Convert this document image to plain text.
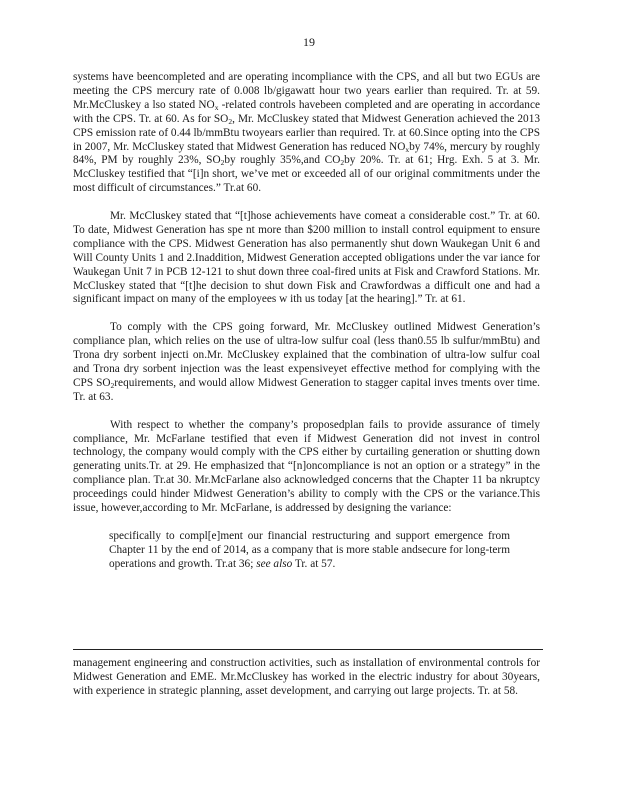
19

systems have beencompleted and are operating incompliance with the CPS, and all but two EGUs are meeting the CPS mercury rate of 0.008 lb/gigawatt hour two years earlier than required. Tr. at 59. Mr.McCluskey a lso stated $NO_x$ -related controls havebeen completed and are operating in accordance with the CPS. Tr. at 60. As for $SO_2$, Mr. McCluskey stated that Midwest Generation achieved the 2013 CPS emission rate of 0.44 lb/mmBtu twoyears earlier than required. Tr. at 60.Since opting into the CPS in 2007, Mr. McCluskey stated that Midwest Generation has reduced $NO_xby$ 74%, mercury by roughly 84%, PM by roughly 23%, $SO_2by$ roughly 35%,and $CO_2by$ 20%. Tr. at 61; Hrg. Exh. 5 at 3. Mr. McCluskey testified that “[i]n short, we’ve met or exceeded all of our original commitments under the most difficult of circumstances.” Tr.at 60.

Mr. McCluskey stated that “[t]hose achievements have comeat a considerable cost.” Tr. at 60. To date, Midwest Generation has spe nt more than $200 million to install control equipment to ensure compliance with the CPS. Midwest Generation has also permanently shut down Waukegan Unit 6 and Will County Units 1 and 2.Inaddition, Midwest Generation accepted obligations under the var iance for Waukegan Unit 7 in PCB 12-121 to shut down three coal-fired units at Fisk and Crawford Stations. Mr. McCluskey stated that “[t]he decision to shut down Fisk and Crawfordwas a difficult one and had a significant impact on many of the employees w ith us today [at the hearing].” Tr. at 61.

To comply with the CPS going forward, Mr. McCluskey outlined Midwest Generation’s compliance plan, which relies on the use of ultra-low sulfur coal (less than0.55 lb sulfur/mmBtu) and Trona dry sorbent injecti on.Mr. McCluskey explained that the combination of ultra-low sulfur coal and Trona dry sorbent injection was the least expensiveyet effective method for complying with the CPS $SO_2requirements$, and would allow Midwest Generation to stagger capital inves tments over time. Tr. at 63.

With respect to whether the company’s proposedplan fails to provide assurance of timely compliance, Mr. McFarlane testified that even if Midwest Generation did not invest in control technology, the company would comply with the CPS either by curtailing generation or shutting down generating units.Tr. at 29. He emphasized that “[n]oncompliance is not an option or a strategy” in the compliance plan. Tr.at 30. Mr.McFarlane also acknowledged concerns that the Chapter 11 ba nkruptcy proceedings could hinder Midwest Generation’s ability to comply with the CPS or the variance.This issue, however,according to Mr. McFarlane, is addressed by designing the variance:

specifically to compl[e]ment our financial restructuring and support emergence from Chapter 11 by the end of 2014, as a company that is more stable andsecure for long-term operations and growth. Tr.at 36; see also Tr. at 57.

management engineering and construction activities, such as installation of environmental controls for Midwest Generation and EME. Mr.McCluskey has worked in the electric industry for about 30years, with experience in strategic planning, asset development, and carrying out large projects. Tr. at 58.
